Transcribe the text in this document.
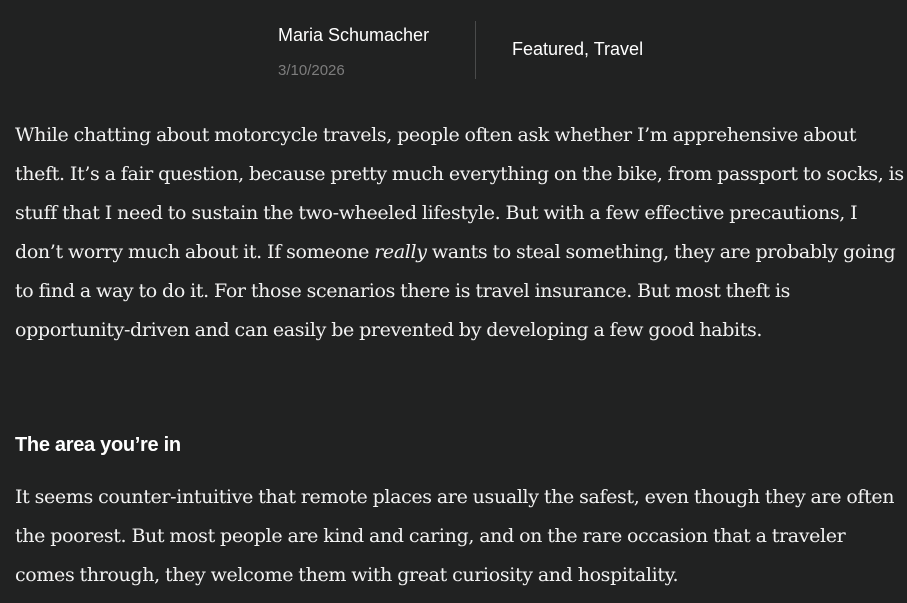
Maria Schumacher
3/10/2026
Featured, Travel

While chatting about motorcycle travels, people often ask whether I’m apprehensive about theft. It’s a fair question, because pretty much everything on the bike, from passport to socks, is stuff that I need to sustain the two-wheeled lifestyle. But with a few effective precautions, I don’t worry much about it. If someone really wants to steal something, they are probably going to find a way to do it. For those scenarios there is travel insurance. But most theft is opportunity-driven and can easily be prevented by developing a few good habits.

The area you’re in

It seems counter-intuitive that remote places are usually the safest, even though they are often the poorest. But most people are kind and caring, and on the rare occasion that a traveler comes through, they welcome them with great curiosity and hospitality.
